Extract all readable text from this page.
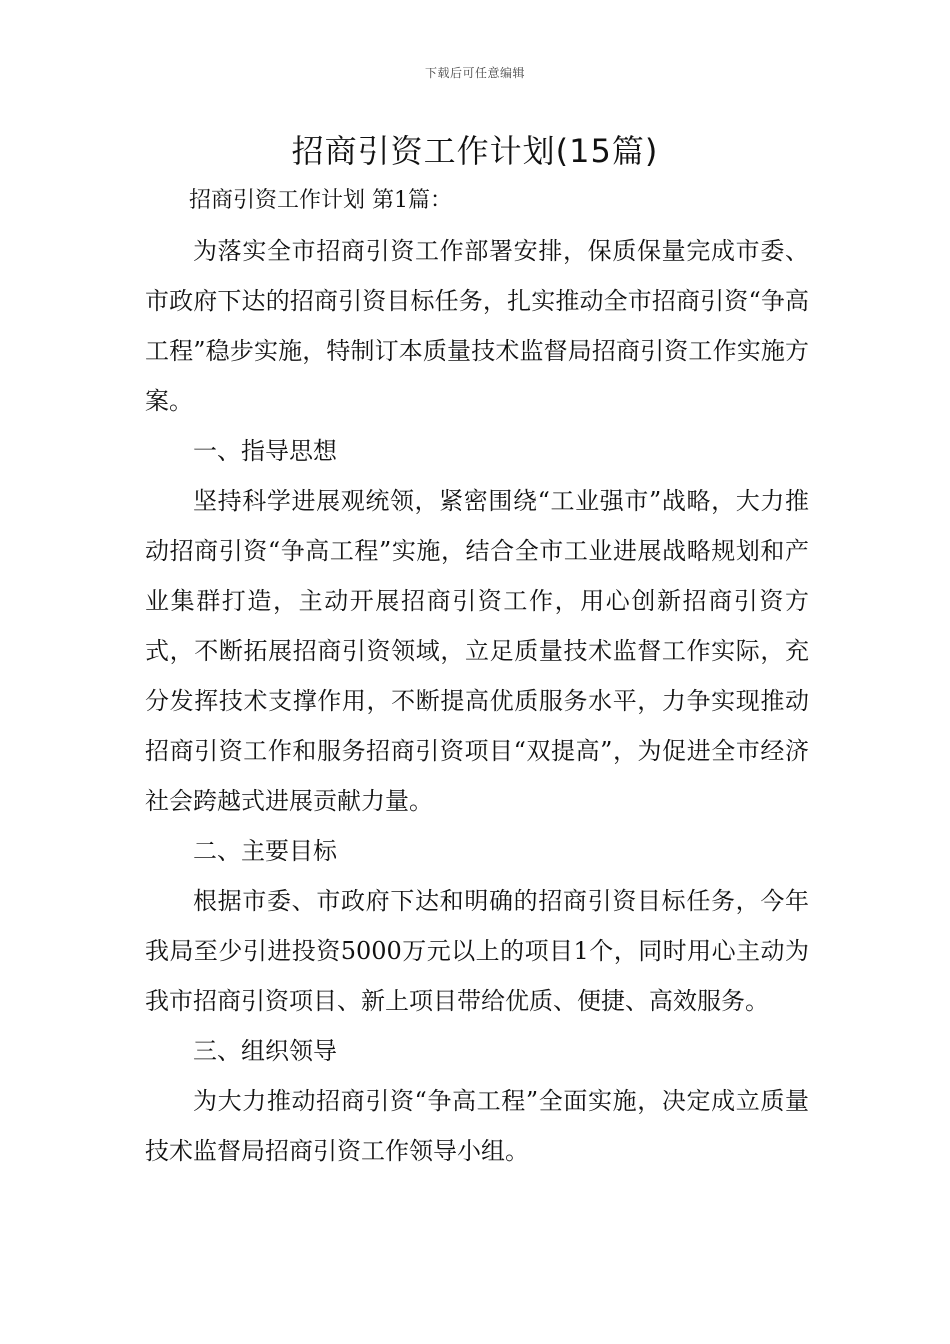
下载后可任意编辑
招商引资工作计划(15篇)

招商引资工作计划 第1篇：

为落实全市招商引资工作部署安排，保质保量完成市委、市政府下达的招商引资目标任务，扎实推动全市招商引资“争高工程”稳步实施，特制订本质量技术监督局招商引资工作实施方案。

一、指导思想

坚持科学进展观统领，紧密围绕“工业强市”战略，大力推动招商引资“争高工程”实施，结合全市工业进展战略规划和产业集群打造，主动开展招商引资工作，用心创新招商引资方式，不断拓展招商引资领域，立足质量技术监督工作实际，充分发挥技术支撑作用，不断提高优质服务水平，力争实现推动招商引资工作和服务招商引资项目“双提高”，为促进全市经济社会跨越式进展贡献力量。

二、主要目标

根据市委、市政府下达和明确的招商引资目标任务，今年我局至少引进投资5000万元以上的项目1个，同时用心主动为我市招商引资项目、新上项目带给优质、便捷、高效服务。

三、组织领导

为大力推动招商引资“争高工程”全面实施，决定成立质量技术监督局招商引资工作领导小组。
